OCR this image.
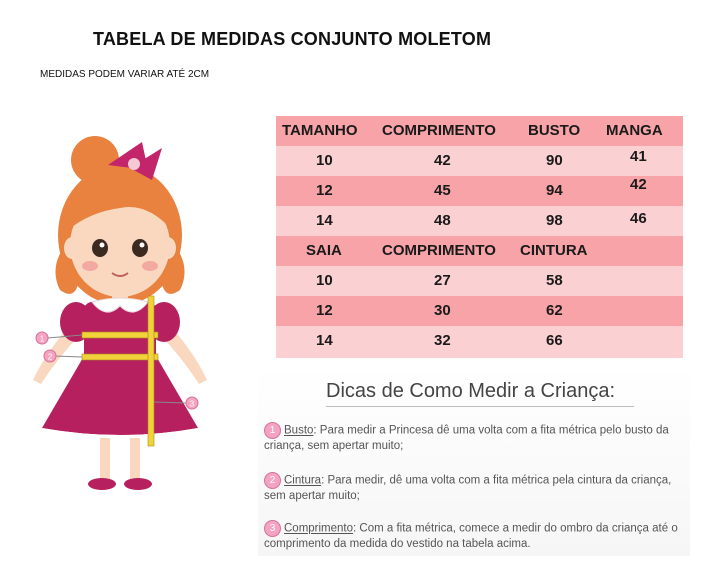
TABELA DE MEDIDAS CONJUNTO MOLETOM
MEDIDAS PODEM VARIAR ATÉ 2CM
1
2
3
TAMANHO COMPRIMENTO BUSTO MANGA
10	42	90	41
12	45	94	42
14	48	98	46
SAIA	COMPRIMENTO CINTURA
10	27	58
12	30	62
14	32	66
Dicas de Como Medir a Criança:
1 Busto: Para medir a Princesa dê uma volta com a fita métrica pelo busto da criança, sem apertar muito;
2 Cintura: Para medir, dê uma volta com a fita métrica pela cintura da criança, sem apertar muito;
3 Comprimento: Com a fita métrica, comece a medir do ombro da criança até o comprimento da medida do vestido na tabela acima.
